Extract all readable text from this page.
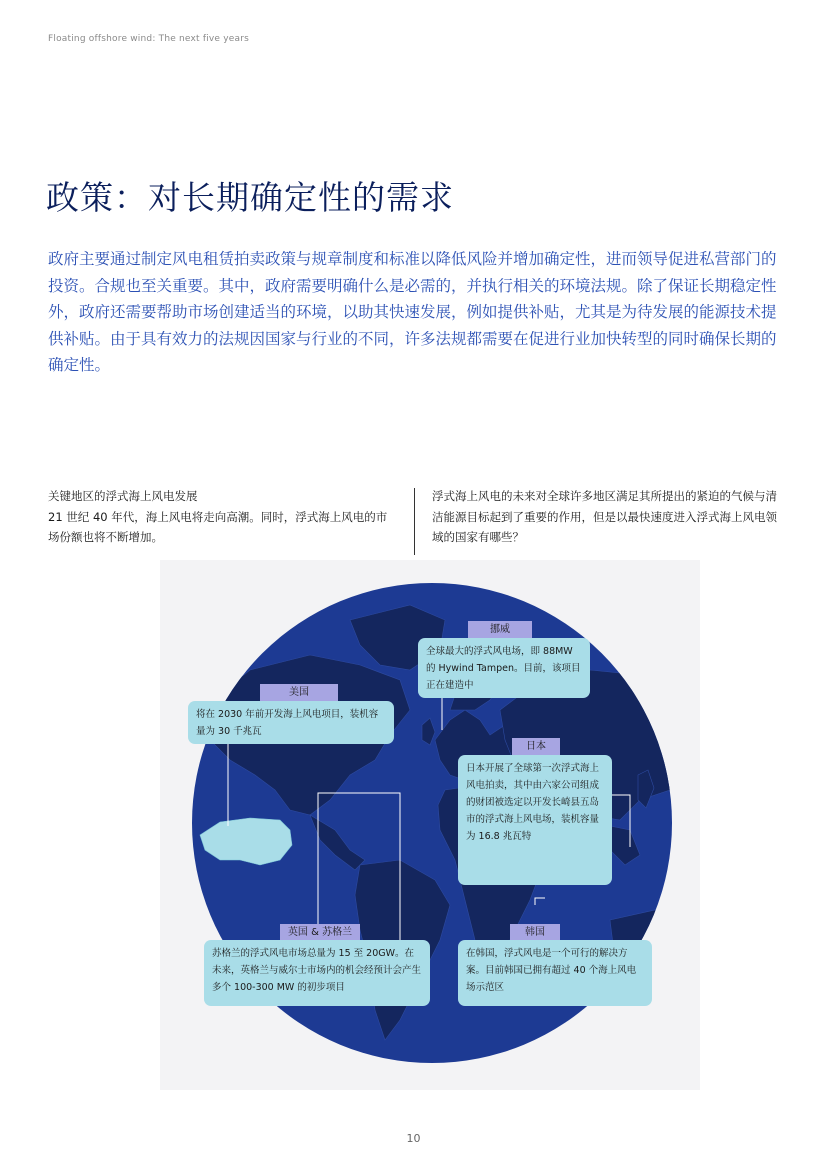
Floating offshore wind: The next five years
政策：对长期确定性的需求

政府主要通过制定风电租赁拍卖政策与规章制度和标准以降低风险并增加确定性，进而领导促进私营部门的投资。合规也至关重要。其中，政府需要明确什么是必需的，并执行相关的环境法规。除了保证长期稳定性外，政府还需要帮助市场创建适当的环境，以助其快速发展，例如提供补贴，尤其是为待发展的能源技术提供补贴。由于具有效力的法规因国家与行业的不同，许多法规都需要在促进行业加快转型的同时确保长期的确定性。

关键地区的浮式海上风电发展

21 世纪 40 年代，海上风电将走向高潮。同时，浮式海上风电的市场份额也将不断增加。

浮式海上风电的未来对全球许多地区满足其所提出的紧迫的气候与清洁能源目标起到了重要的作用，但是以最快速度进入浮式海上风电领域的国家有哪些？

挪威
全球最大的浮式风电场，即 88MW 的 Hywind Tampen。目前，该项目正在建造中
美国
将在 2030 年前开发海上风电项目，装机容量为 30 千兆瓦
日本
日本开展了全球第一次浮式海上风电拍卖，其中由六家公司组成的财团被选定以开发长崎县五岛市的浮式海上风电场，装机容量为 16.8 兆瓦特
英国 & 苏格兰
苏格兰的浮式风电市场总量为 15 至 20GW。在未来，英格兰与威尔士市场内的机会经预计会产生多个 100-300 MW 的初步项目
韩国
在韩国，浮式风电是一个可行的解决方案。目前韩国已拥有超过 40 个海上风电场示范区
10
